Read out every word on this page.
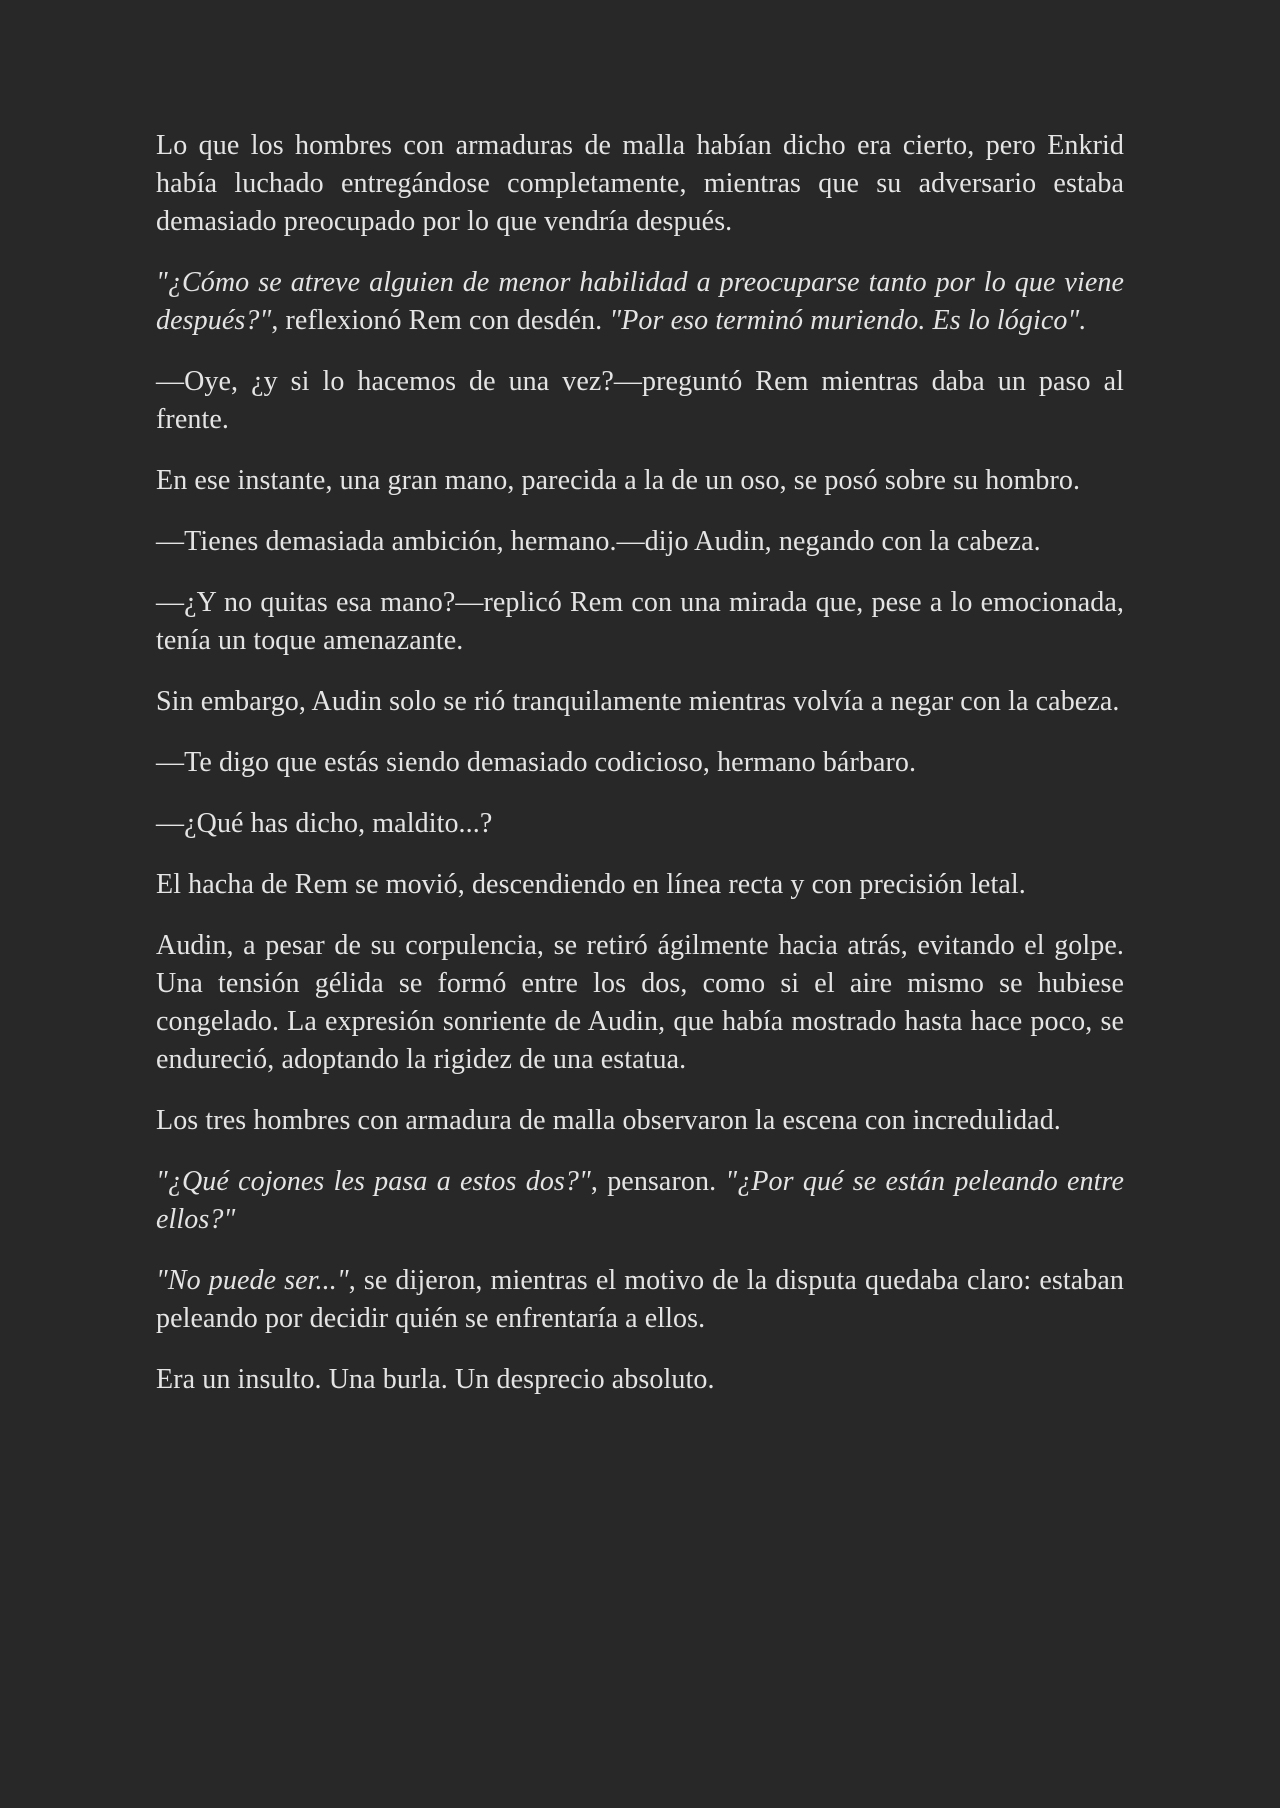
Lo que los hombres con armaduras de malla habían dicho era cierto, pero Enkrid había luchado entregándose completamente, mientras que su adversario estaba demasiado preocupado por lo que vendría después.

"¿Cómo se atreve alguien de menor habilidad a preocuparse tanto por lo que viene después?", reflexionó Rem con desdén. "Por eso terminó muriendo. Es lo lógico".

—Oye, ¿y si lo hacemos de una vez?—preguntó Rem mientras daba un paso al frente.

En ese instante, una gran mano, parecida a la de un oso, se posó sobre su hombro.

—Tienes demasiada ambición, hermano.—dijo Audin, negando con la cabeza.

—¿Y no quitas esa mano?—replicó Rem con una mirada que, pese a lo emocionada, tenía un toque amenazante.

Sin embargo, Audin solo se rió tranquilamente mientras volvía a negar con la cabeza.

—Te digo que estás siendo demasiado codicioso, hermano bárbaro.

—¿Qué has dicho, maldito...?

El hacha de Rem se movió, descendiendo en línea recta y con precisión letal.

Audin, a pesar de su corpulencia, se retiró ágilmente hacia atrás, evitando el golpe. Una tensión gélida se formó entre los dos, como si el aire mismo se hubiese congelado. La expresión sonriente de Audin, que había mostrado hasta hace poco, se endureció, adoptando la rigidez de una estatua.

Los tres hombres con armadura de malla observaron la escena con incredulidad.

"¿Qué cojones les pasa a estos dos?", pensaron. "¿Por qué se están peleando entre ellos?"

"No puede ser...", se dijeron, mientras el motivo de la disputa quedaba claro: estaban peleando por decidir quién se enfrentaría a ellos.

Era un insulto. Una burla. Un desprecio absoluto.
